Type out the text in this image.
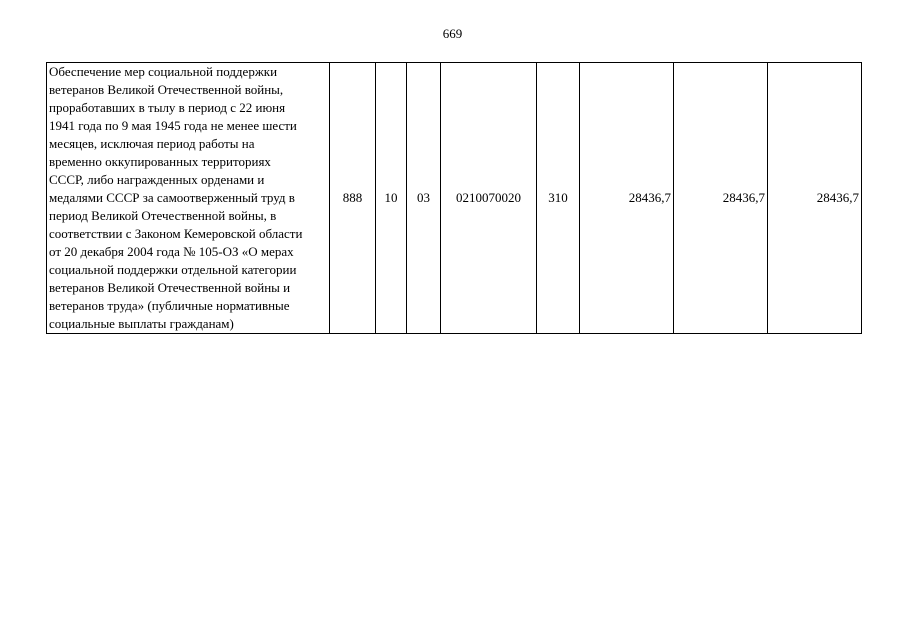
669
Обеспечение мер социальной поддержки
ветеранов Великой Отечественной войны,
проработавших в тылу в период с 22 июня
1941 года по 9 мая 1945 года не менее шести
месяцев, исключая период работы на
временно оккупированных территориях
СССР, либо награжденных орденами и
медалями СССР за самоотверженный труд в
период Великой Отечественной войны, в
соответствии с Законом Кемеровской области
от 20 декабря 2004 года № 105-ОЗ «О мерах
социальной поддержки отдельной категории
ветеранов Великой Отечественной войны и
ветеранов труда» (публичные нормативные
социальные выплаты гражданам)
	888	10	03	0210070020	310	28436,7	28436,7	28436,7
